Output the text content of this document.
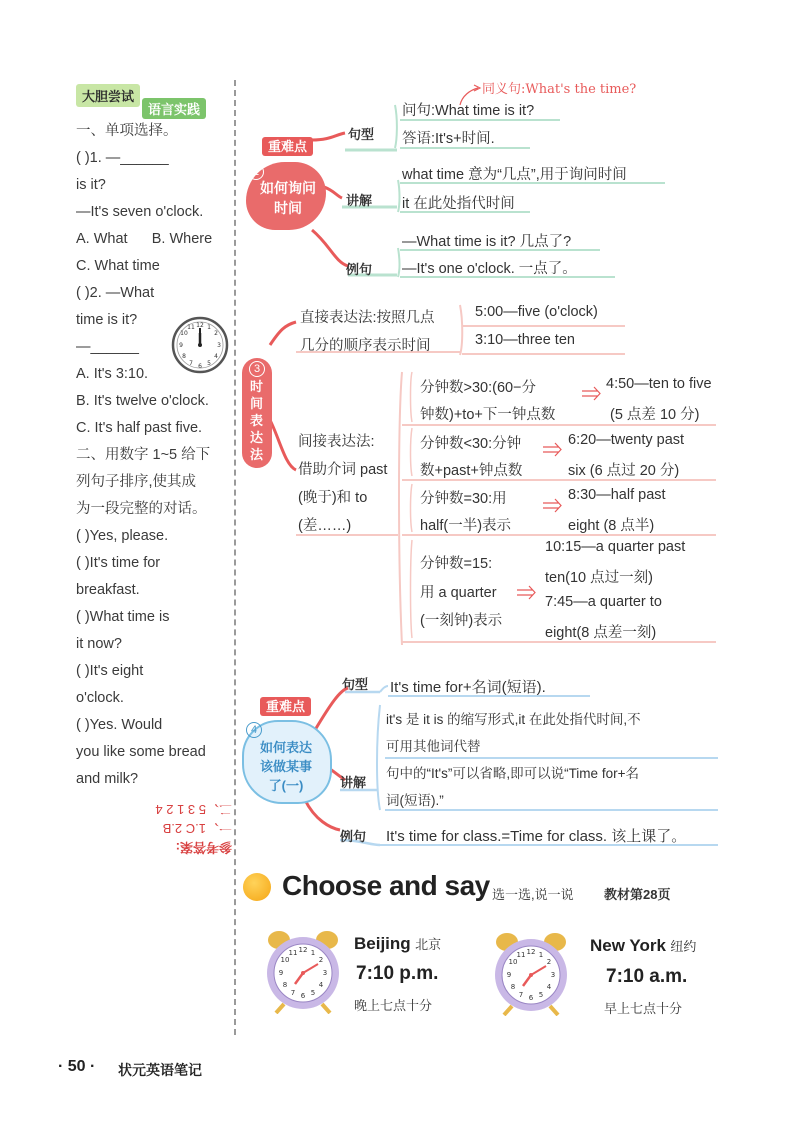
大胆尝试
语言实践
一、单项选择。
( )1. —______
is it?
—It's seven o'clock.
A. What      B. Where
C. What time
( )2. —What
time is it?
—______
A. It's 3:10.
B. It's twelve o'clock.
C. It's half past five.
二、用数字 1~5 给下
列句子排序,使其成
为一段完整的对话。
( )Yes, please.
( )It's time for
breakfast.
( )What time is
it now?
( )It's eight
o'clock.
( )Yes. Would
you like some bread
and milk?
12 1
2
3
4
5
6
7
8
9
10
11
参考答案:
一、1.C 2.B
二、5 3 1 2 4
重难点
2
如何询问时间
句型
同义句:What's the time?
问句:What time is it?
答语:It's+时间.
讲解
what time 意为“几点”,用于询问时间
it 在此处指代时间
例句
—What time is it? 几点了?
—It's one o'clock. 一点了。
3
时间表达法
直接表达法:按照几点
几分的顺序表示时间
5:00—five (o'clock)
3:10—three ten
间接表达法:
借助介词 past
(晚于)和 to
(差……)
分钟数>30:(60−分
钟数)+to+下一钟点数
4:50—ten to five
(5 点差 10 分)
分钟数<30:分钟
数+past+钟点数
6:20—twenty past
six (6 点过 20 分)
分钟数=30:用
half(一半)表示
8:30—half past
eight (8 点半)
分钟数=15:
用 a quarter
(一刻钟)表示
10:15—a quarter past
ten(10 点过一刻)
7:45—a quarter to
eight(8 点差一刻)
重难点
4
如何表达
该做某事
了(一)
句型 It's time for+名词(短语).
讲解
it's 是 it is 的缩写形式,it 在此处指代时间,不
可用其他词代替
句中的“It's”可以省略,即可以说“Time for+名
词(短语).”
例句 It's time for class.=Time for class. 该上课了。
Choose and say 选一选,说一说 教材第28页
12 1
2
3
4
5
6
7
8
9
10
11	Beijing 北京
7:10 p.m.
晚上七点十分
12 1
2
3
4
5
6
7
8
9
10
11	New York 纽约
7:10 a.m.
早上七点十分
· 50 · 状元英语笔记
